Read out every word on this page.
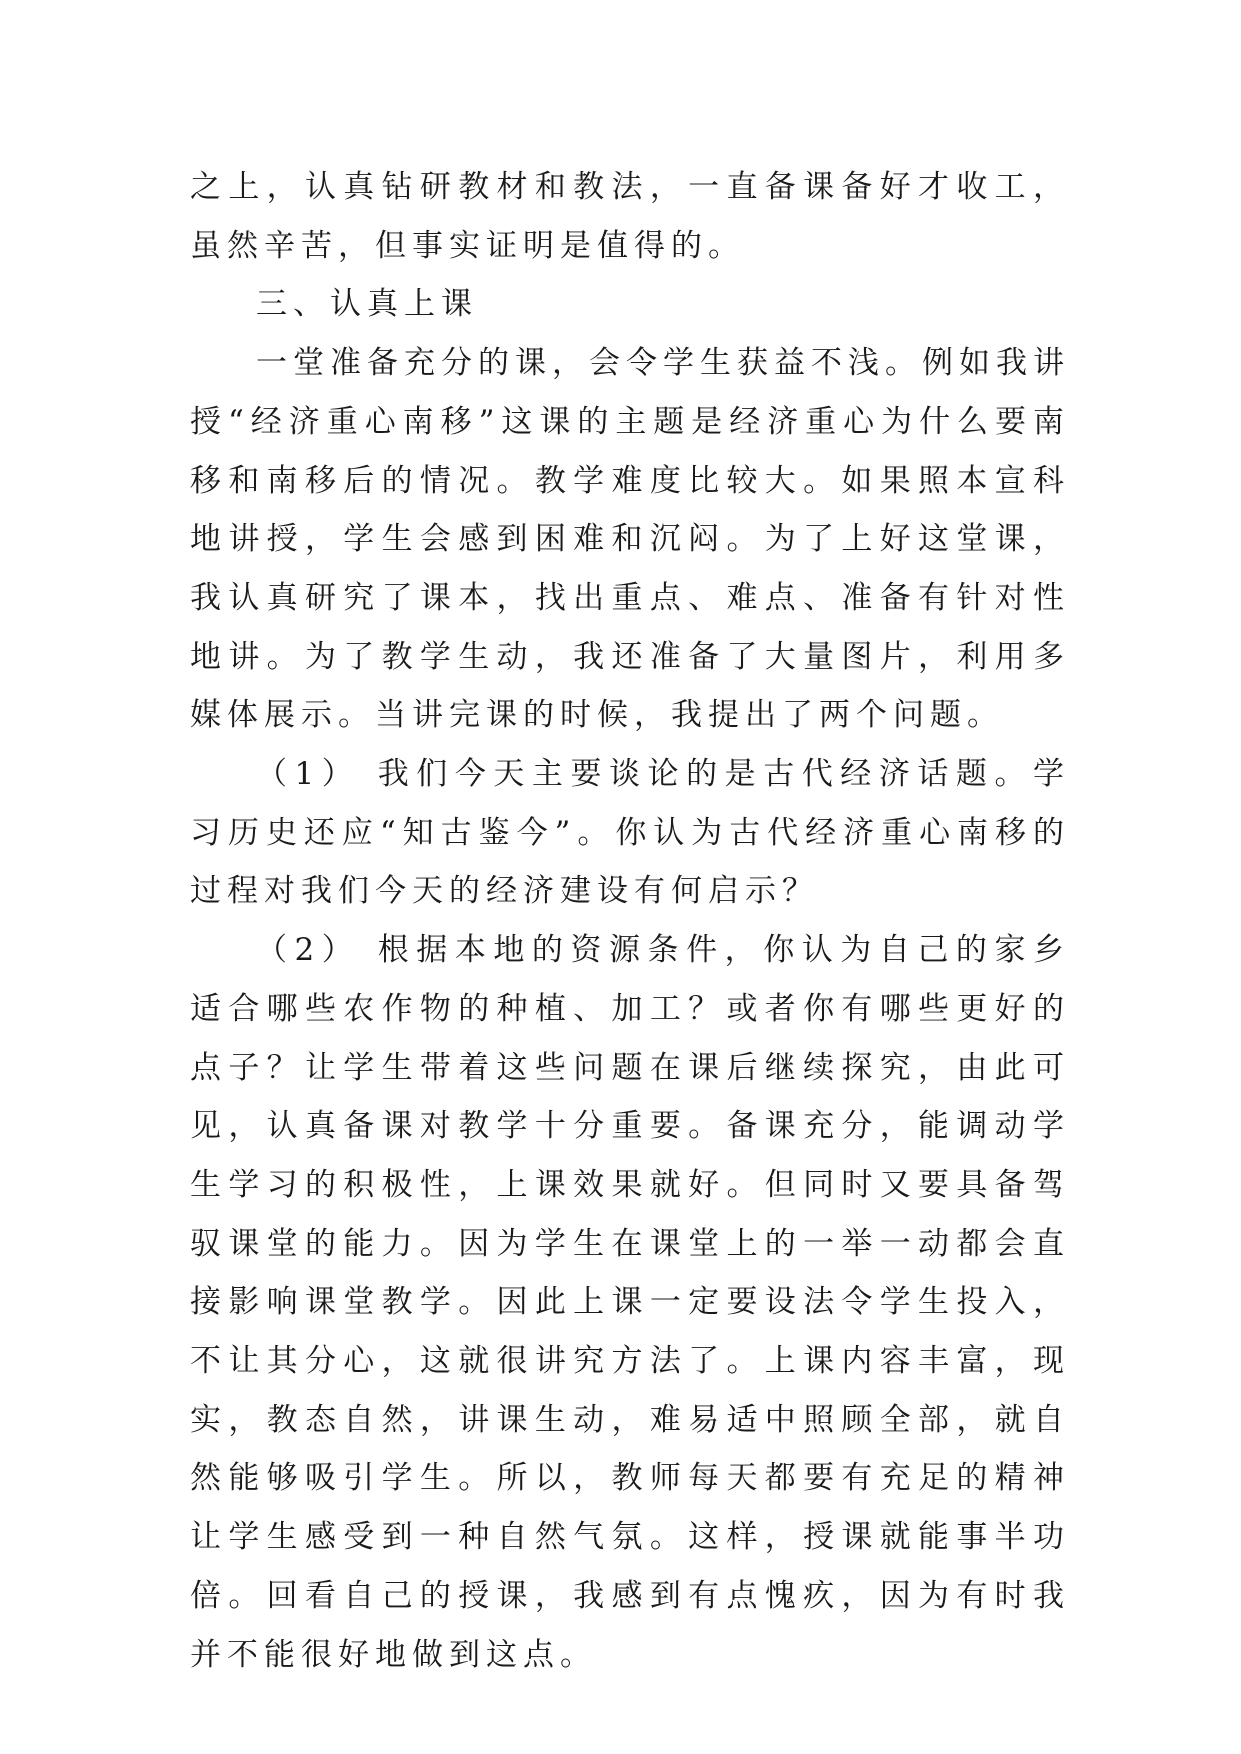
之上，认真钻研教材和教法，一直备课备好才收工，虽然辛苦，但事实证明是值得的。

三、认真上课

一堂准备充分的课，会令学生获益不浅。例如我讲授“经济重心南移”这课的主题是经济重心为什么要南移和南移后的情况。教学难度比较大。如果照本宣科地讲授，学生会感到困难和沉闷。为了上好这堂课，我认真研究了课本，找出重点、难点、准备有针对性地讲。为了教学生动，我还准备了大量图片，利用多媒体展示。当讲完课的时候，我提出了两个问题。

（1） 我们今天主要谈论的是古代经济话题。学习历史还应“知古鉴今”。你认为古代经济重心南移的过程对我们今天的经济建设有何启示？

（2） 根据本地的资源条件，你认为自己的家乡适合哪些农作物的种植、加工？或者你有哪些更好的点子？让学生带着这些问题在课后继续探究，由此可见，认真备课对教学十分重要。备课充分，能调动学生学习的积极性，上课效果就好。但同时又要具备驾驭课堂的能力。因为学生在课堂上的一举一动都会直接影响课堂教学。因此上课一定要设法令学生投入，不让其分心，这就很讲究方法了。上课内容丰富，现实，教态自然，讲课生动，难易适中照顾全部，就自然能够吸引学生。所以，教师每天都要有充足的精神让学生感受到一种自然气氛。这样，授课就能事半功倍。回看自己的授课，我感到有点愧疚，因为有时我并不能很好地做到这点。
